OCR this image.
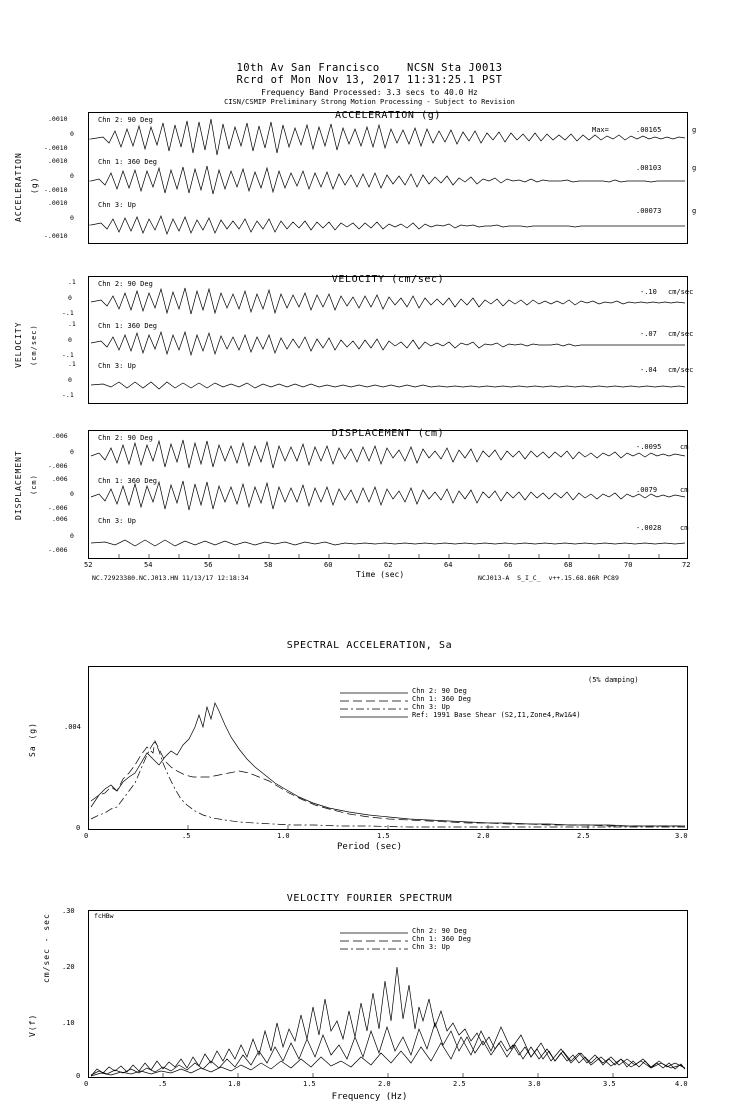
10th Av San Francisco    NCSN Sta J0013
Rcrd of Mon Nov 13, 2017 11:31:25.1 PST
Frequency Band Processed: 3.3 secs to 40.0 Hz
CISN/CSMIP Preliminary Strong Motion Processing - Subject to Revision
ACCELERATION (g)
ACCELERATION (g)
.0010
0
-.0010
.0010
0
-.0010
.0010
0
-.0010
Chn 2: 90 Deg
Chn 1: 360 Deg
Chn 3: Up
Max=	.00165	g
.00103	g
.00073	g
VELOCITY	(cm/sec)
VELOCITY (cm/sec)
.1
0
-.1
.1
0
-.1
.1
0
-.1
Chn 2: 90 Deg
Chn 1: 360 Deg
Chn 3: Up
-.10 cm/sec
-.07 cm/sec
-.04 cm/sec
DISPLACEMENT	(cm)
DISPLACEMENT (cm)
.006
0
-.006
.006
0
-.006
.006
0
-.006
Chn 2: 90 Deg
Chn 1: 360 Deg
Chn 3: Up
-.0095	cm
.0079	cm
-.0028	cm
52	54	56	58	60	62	64	66	68	70	72
Time (sec)
NC.72923380.NC.J013.HN 11/13/17 12:18:34	NCJ013-A  S_I_C_  v++.15.68.86R PC89
SPECTRAL ACCELERATION, Sa
Sa (g)	.004
0
(5% damping)
Chn 2: 90 Deg
Chn 1: 360 Deg
Chn 3: Up
Ref: 1991 Base Shear (S2,I1,Zone4,Rw1&4)
0	.5	1.0	1.5	2.0	2.5	3.0
Period (sec)
VELOCITY FOURIER SPECTRUM
V(f)
cm/sec - sec
.30
.20
.10
0
fcHBw
Chn 2: 90 Deg
Chn 1: 360 Deg
Chn 3: Up
0	.5	1.0	1.5	2.0	2.5	3.0	3.5	4.0
Frequency (Hz)
